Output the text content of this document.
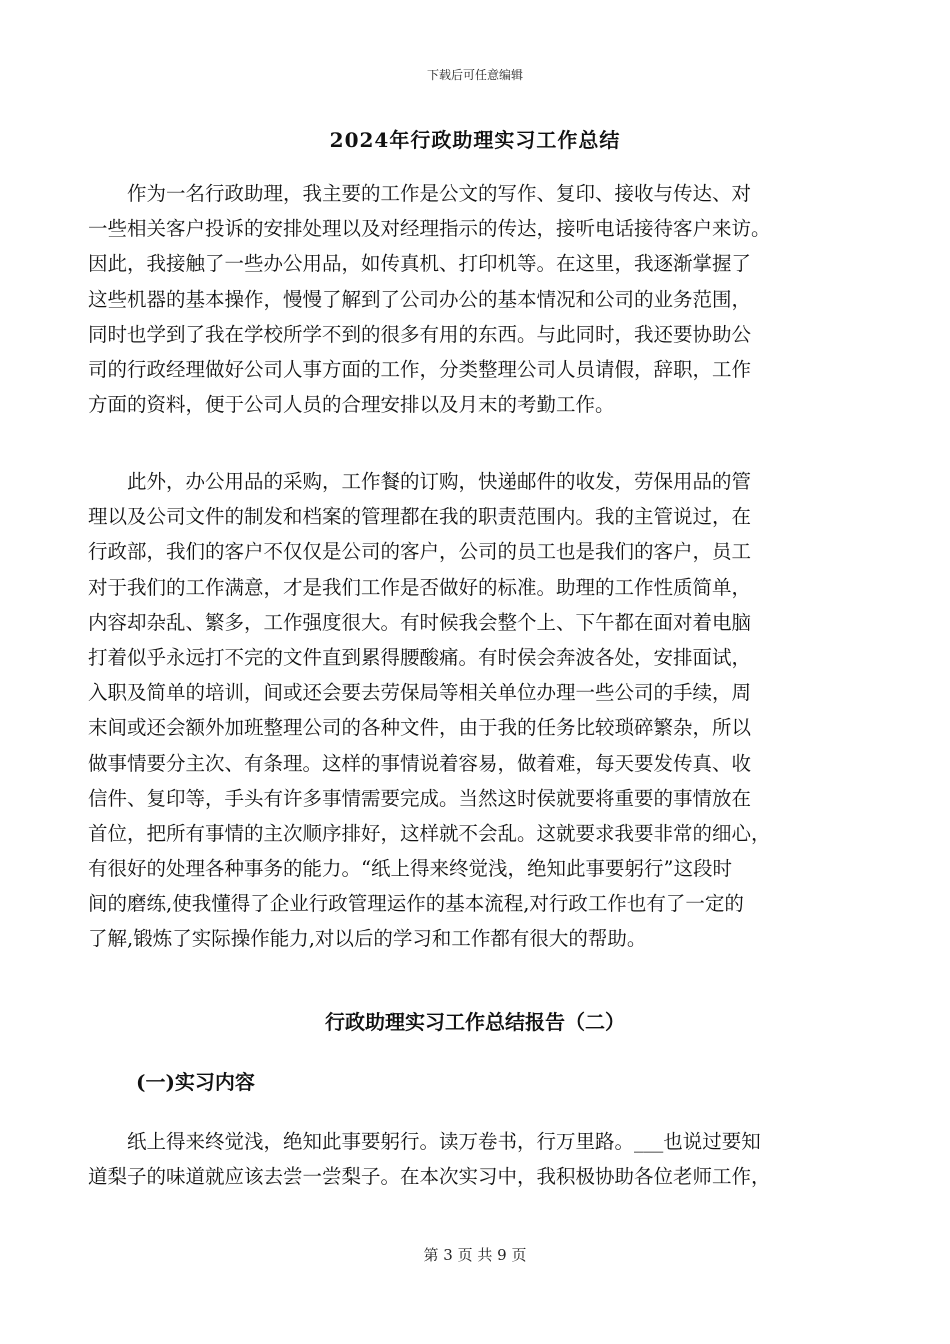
下载后可任意编辑
2024年行政助理实习工作总结
　　作为一名行政助理，我主要的工作是公文的写作、复印、接收与传达、对
一些相关客户投诉的安排处理以及对经理指示的传达，接听电话接待客户来访。
因此，我接触了一些办公用品，如传真机、打印机等。在这里，我逐渐掌握了
这些机器的基本操作，慢慢了解到了公司办公的基本情况和公司的业务范围，
同时也学到了我在学校所学不到的很多有用的东西。与此同时，我还要协助公
司的行政经理做好公司人事方面的工作，分类整理公司人员请假，辞职，工作
方面的资料，便于公司人员的合理安排以及月末的考勤工作。
　　此外，办公用品的采购，工作餐的订购，快递邮件的收发，劳保用品的管
理以及公司文件的制发和档案的管理都在我的职责范围内。我的主管说过，在
行政部，我们的客户不仅仅是公司的客户，公司的员工也是我们的客户，员工
对于我们的工作满意，才是我们工作是否做好的标准。助理的工作性质简单，
内容却杂乱、繁多，工作强度很大。有时候我会整个上、下午都在面对着电脑
打着似乎永远打不完的文件直到累得腰酸痛。有时侯会奔波各处，安排面试，
入职及简单的培训，间或还会要去劳保局等相关单位办理一些公司的手续，周
末间或还会额外加班整理公司的各种文件，由于我的任务比较琐碎繁杂，所以
做事情要分主次、有条理。这样的事情说着容易，做着难，每天要发传真、收
信件、复印等，手头有许多事情需要完成。当然这时侯就要将重要的事情放在
首位，把所有事情的主次顺序排好，这样就不会乱。这就要求我要非常的细心，
有很好的处理各种事务的能力。“纸上得来终觉浅，绝知此事要躬行”这段时
间的磨练,使我懂得了企业行政管理运作的基本流程,对行政工作也有了一定的
了解,锻炼了实际操作能力,对以后的学习和工作都有很大的帮助。
行政助理实习工作总结报告（二）
(一)实习内容
　　纸上得来终觉浅，绝知此事要躬行。读万卷书，行万里路。___也说过要知
道梨子的味道就应该去尝一尝梨子。在本次实习中，我积极协助各位老师工作，
第 3 页 共 9 页
